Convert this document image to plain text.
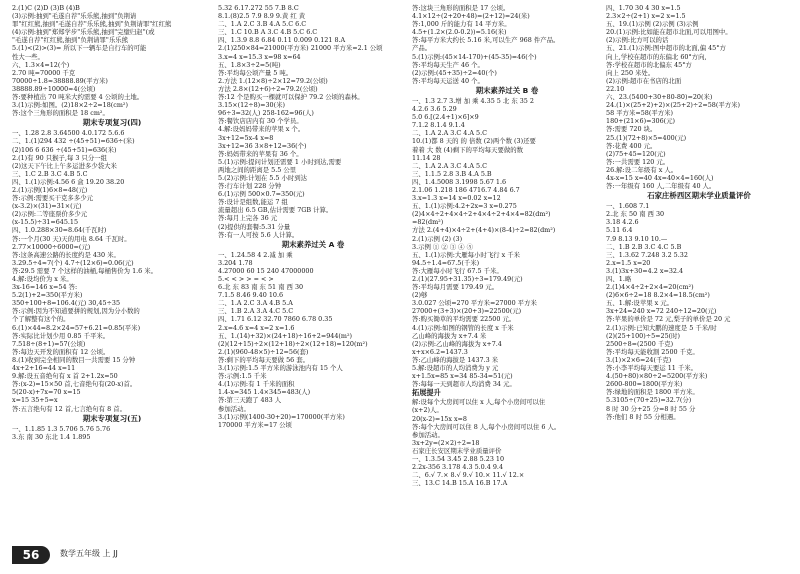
2.(1)C (2)D (3)B (4)B
(3)示例:抽到"毛遂自荐"乐乐熊,抽到"负荆请
罪"红红熊,抽到"毛遂自荐"乐乐熊,抽到"负荆请罪"红红熊
(4)示例:抽到"郑郑学步"乐乐熊,抽到"完璧归赵"(或
"毛遂自荐"红红熊,抽到"负荆请罪"乐乐熊
5.(1)<(2)>(3)= 所以下一辆车是自行车的可能
性大一些。
六、1.3×4=12(个)
2.70 吨=70000 千克
70000÷1.8≈38888.89(平方米)
38888.89÷10000≈4(公顷)
答:要种植出 70 吨米大约需要 4 公顷的土地。
3.(1)示例:如图。(2)18×2÷2=18(cm²)
答:这个三角形的面积是 18 cm²。
期末专项复习(四)
一、1.28 2.8 3.64500 4.0.172 5.6.6
二、1.(1)294 432 ÷(45+51)=636÷(米)
(2)106 6 636 ÷(45+51)=636(米)
2.(1)有 90 只猴子,每 3 只分一组
(2)这天下午比上午多运进多少袋大米
三、1.C 2.B 3.C 4.B 5.C
四、1.(1)示例:4.56 6 盒 19.20 38.20
2.(1)示例(1)6×8=48(元)
答:示例:需要买干克多多少元
(x-3.2)×(31)=31×(元)
(2)示例:二等座票价多少元
(x-15.5)÷31=645.15
四、1.0.288×30=8.64(千瓦时)
答:一个月(30 天)天的用电 8.64 千瓦时。
2.77×10000÷6000=(元)
答:这条高速公路的长度约是 430 米。
3.29.5÷4≈7(个) 4.7÷(12×6)=0.06(元)
答:29.5 需要 7 个这样的油桶,每桶售价为 1.6 米。
4.解:设均价为 x 米。
3x-16=146 x=54 答:
5.2(1)+2=350(平方米)
350+100+8=106.4(元) 30,45÷35
答:示例:因为不知道要拼的规划,因为分小数的
个了解整有这个的。
6.(1)×44=8.2×24=57+6.21=0.85(平米)
答:实际比计划少用 0.85 千平米。
7.518÷(8+1)=57(公顷)
答:每边天开发的面积有 12 公顷。
8.(1)收到完全相同的数目一共需要 15 分钟
4x+2+16=44 x=11
9.解:设五音绝句有 x 首 2+1.2x=50
答:(x-2)=15×50 首,七音绝句有(20-x)首。
5(20-x)+7x=70 x=15
x=15 35+5=x
答:五言绝句有 12 首,七言绝句有 8 首。
期末专项复习(五)
一、1.1.85 1.3 5.706 5.76 5.76
3.东 南 30 东北 1.4 1.895
5.32 6.17.272 55 7.B 8.C
8.1.(8)2.5 7.9 8.9 9.黄 红 黄
二、1.A 2.C 3.B 4.A 5.C 6.C
三、1.C 10.B A 3.C 4.B 5.C 6.C
四、1.3.9 8.8 6.84 0.11 0.009 0.121 8.A
2.(1)250×84=21000(平方米) 21000 平方米=2.1 公顷
3.x=4 x=15.3 x=98 x=64
五、1.8×3÷2=5(吨)
答:平均每公顷产量 5 吨。
2.方法 1.(12×8)÷2×12=79.2(公顷)
方法 2.8×(12+6)÷2=79.2(公顷)
答:12 个是购买一棵就可以保护 79.2 公顷的森林。
3.15×(12÷8)=30(米)
96÷3=32(人) 258-162=96(人)
答:餐饮店店内有 30 个学员。
4.解:设妈妈带来的苹果 x 个。
3x+12=5x-4 x=8
3x+12=36 3×8+12=36(个)
答:妈妈带来的苹果有 36 个。
5.(1)示例:提问计划还需要 1 小时到达,需要
两地之间的距离是 5.5 公里
5.(2)示例:计划在 5.5 小时到达
答:行车计划 228 分钟
6.(1)示例 500×0.7=350(元)
答:设计是组数,能运 7 组
流量超出 6.5 GB,估计需要 7GB 计算。
答:每月上完各 36 元
(2)提供的套餐:5.31 分量
答:有一人可按 5.6 人计算。
期末素养过关 A 卷
一、1.24.58 4 2.减 加 乘
3.204 1.78
4.27000 60 15 240 47000000
5.< < > > = < >
6.北 东 83 南 东 51 南 西 30
7.1.5 8.46 9.40 10.6
二、1.A 2.C 3.A 4.B 5.A
三、1.B 2.A 3.A 4.C 5.C
四、1.71 6.12 32.70 7860 6.78 0.35
2.x=4.6 x=4 x=2 x=1.6
五、1.(14)+32)×(24+18)÷16+2=944(m²)
(2)(12+15)÷2×(12+18)÷2×(12+18)=120(m²)
2.(1)(960-48×5)÷12=56(套)
答:剩下的平均每天要做 56 套。
3.(1)示例:1.5 平方米的游泳池内有 15 个人
答:示例:1.5 千米
4.(1)示例:有 1 千米的面积
1.4-x=345 1.4×345=483(人)
答:第三天跑了 483 人
参加活动。
3.(1)示例(1400-30+20)=170000(平方米)
170000 平方米=17 公顷
答:这块三角形的面积是 17 公顷。
4.1×12÷(2+20+48)=(2+12)=24(米)
答:1,000 斤的能力有 14 平方米。
4.5+(1.2×(2.0-0.2))=5.16(米)
答:每平方米大约长 5.16 米,可以生产 968 件产品。
产品。
5.(1)示例:(45×14-170)+(45-35)=46(个)
答:平均每天生产 46 个。
(2)示例:(45+35)÷2=40(个)
答:平均每天运送 40 个。
期末素养过关 B 卷
一、1.3 2.7 3.增 加 乘 4.35 5 北 东 35 2
4.2.6 3.6 5.29
5.0 6.[(2.4+1)×6]×9
7.1.2 8.1.4 9.1.4
二、1.A 2.A 3.C 4.A 5.C
10.(1)都 8 天的 的 倍数 (2)两个数 (3)还要
着着 大 数 (4)剩下的平均每天要做的数
11.14 28
二、1.A 2.A 3.C 4.A 5.C
三、1.1.5 2.8 3.B 4.A 5.B
四、1.4.5008 3.1998 5.67 1.6
2.1.06 1.218 186 4716.7 4.84 6.7
3.x=1.3 x=14 x=0.02 x=12
五、1.(1)示例:4.2+2x=3 x=0.275
(2)4×4÷2+4×4÷2+4×4÷2+4×4=82(dm²)
=82(dm²)
方法 2.(4+4)×4÷2+(4+4)×(8-4)÷2=82(dm²)
2.(1)示例 (2) (3)
3.示例 ① ② ③ ④ ⑤
五、1.(1)示例:大雁每小时飞行 x 千米
94.5÷1.4=67.5(千米)
答:大雁每小时飞行 67.5 千米。
2.(1)(27.95+31.35)÷3=179.49(元)
答:平均每月需要 179.49 元。
(2)够
3.0.027 公顷=270 平方米=27000 平方米
27000+(3+3)×(20+3)=22500(元)
答:购买锄草的平均需要 22500 元。
4.(1)示例:如图的钢管的长度 x 千米
乙山峰的海拔为 x+7.4 米
(2)示例:乙山峰的海拔为 x+7.4
x+x×6.2=1437.3
答:乙山峰的海拔是 1437.3 米
5.解:设超市的人均消费为 y 元
x+1.5x=85 x=34 85-34=51(元)
答:每每一天到超市人均消费 34 元。
拓展提升
解:设每个大房间可以住 x 人,每个小房间可以住
(x+2)人。
20(x-2)=15x x=8
答:每个大房间可以住 8 人,每个小房间可以住 6 人。
参加活动。
3x+2y=(2×2)÷2=18
石家庄长安区期末学业质量评价
一、1.3.54 3.45 2.88 5.23 10
2.2x-356 3.178 4.3 5.0.4 9.4
二、6.√ 7.× 8.√ 9.√ 10.× 11.√ 12.×
三、13.C 14.B 15.A 16.B 17.A
四、1.70 30 4 30 x=1.5
2.3×2÷(2+1) x=2 x=1.5
五、19.(1)示例 (2)示例 (3)示例
20.(1)示例:比如能在超市北面,可以用图中。
(2)示例:比方可以的话
五、21.(1)示例:图中超市的北面,偏 45°方
向上,学校在超市的东偏北 60°方向,
答:学校在超市的北偏东 45°方
向上 250 米处。
(2)示例:超市在书店的北面
22.10
六、23.(5400+30+80-80)=20(米)
24.(1)×(25+2)+2)×(25+2)÷2=58(平方米)
58 平方米=58(平方米)
180+(21×6)=306(元)
答:需要 720 块。
25.(1)(72+8)×5=400(元)
答:花费 400 元。
(2)75+45=120(元)
答:一共需要 120 元。
26.解:设二年级有 x 人。
4x-x=15 x=40 4x=40×4=160(人)
答:一年级有 160 人,二年级有 40 人。
石家庄桥西区期末学业质量评价
一、1.608 7.1
2.北 东 50 南 西 30
3.18 4.2.6
5.11 6.4
7.9 8.13 9.10 10.—
二、1.B 2.B 3.C 4.C 5.B
三、1.3.62 7.248 3.2 5.32
2.x=1.5 x=20
3.(1)3x+30=4.2 x=32.4
四、1.略
2.(1)4×4÷2+2×4=20(cm²)
(2)6×6÷2=18 8.2×4=18.5(cm²)
五、1.解:设苹果 x 元。
3x+24=240 x=72 240÷12=20(元)
答:苹果的单价是 72 元,梨子的单价是 20 元
2.(1)示例:已知大鹏的速度是 5 千米/时
(2)(25+100)÷5=25(时)
2500÷8=(2500 千克)
答:平均每天能收割 2500 千克。
3.(1)×2×6=24(千克)
答:小李平均每天要运 11 千米。
4.(50+80)×80÷2=5200(平方米)
2600-800=1800(平方米)
答:绿地的面积是 1800 平方米。
5.3105÷(70+25)=32.7(分)
8 时 30 分+25 分=8 时 55 分
答:他们 8 时 55 分相遇。
56	数学五年级 上 JJ
